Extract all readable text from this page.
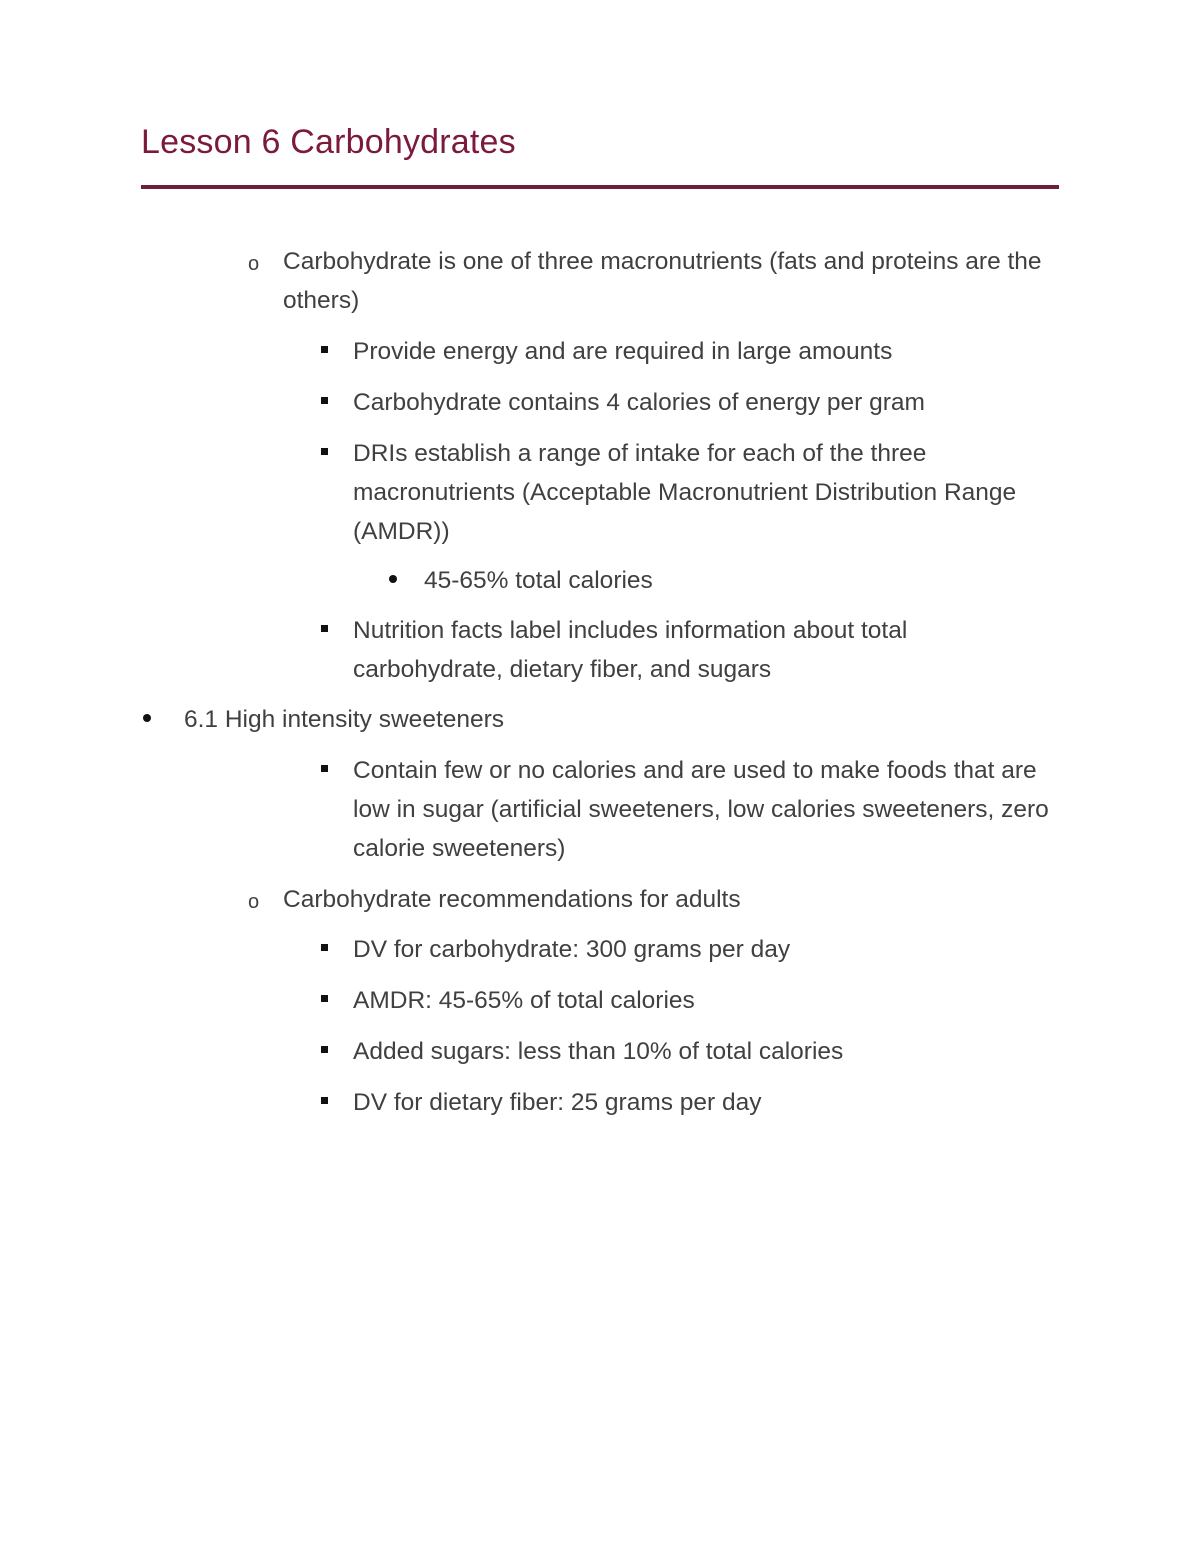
Lesson 6 Carbohydrates
o Carbohydrate is one of three macronutrients (fats and proteins are the others)
Provide energy and are required in large amounts
Carbohydrate contains 4 calories of energy per gram
DRIs establish a range of intake for each of the three macronutrients (Acceptable Macronutrient Distribution Range (AMDR))
45-65% total calories
Nutrition facts label includes information about total carbohydrate, dietary fiber, and sugars
6.1 High intensity sweeteners
Contain few or no calories and are used to make foods that are low in sugar (artificial sweeteners, low calories sweeteners, zero calorie sweeteners)
o Carbohydrate recommendations for adults
DV for carbohydrate: 300 grams per day
AMDR: 45-65% of total calories
Added sugars: less than 10% of total calories
DV for dietary fiber: 25 grams per day
